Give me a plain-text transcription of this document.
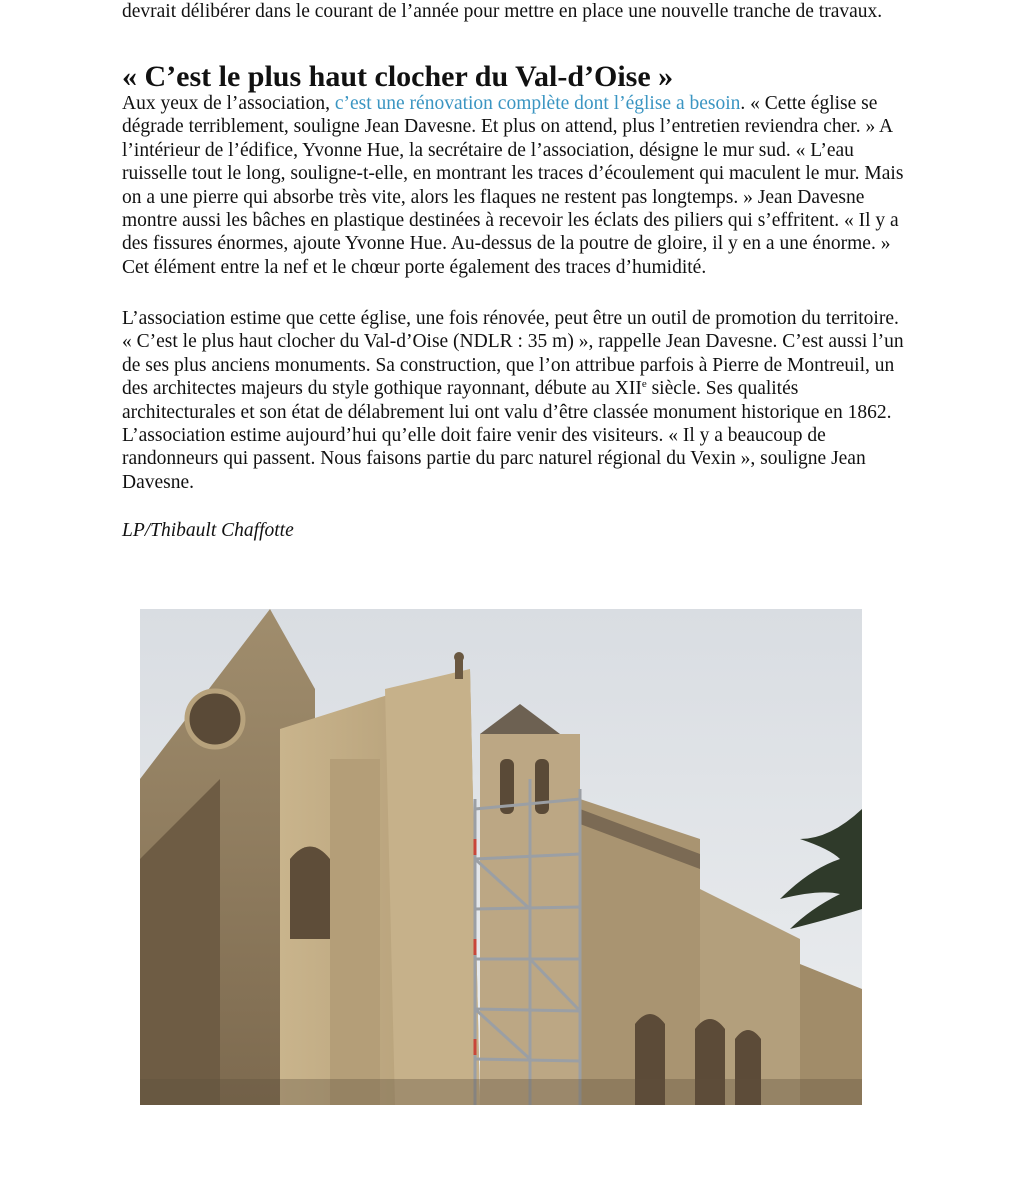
devrait délibérer dans le courant de l’année pour mettre en place une nouvelle tranche de travaux.

« C’est le plus haut clocher du Val-d’Oise »

Aux yeux de l’association, c’est une rénovation complète dont l’église a besoin. « Cette église se dégrade terriblement, souligne Jean Davesne. Et plus on attend, plus l’entretien reviendra cher. » A l’intérieur de l’édifice, Yvonne Hue, la secrétaire de l’association, désigne le mur sud. « L’eau ruisselle tout le long, souligne-t-elle, en montrant les traces d’écoulement qui maculent le mur. Mais on a une pierre qui absorbe très vite, alors les flaques ne restent pas longtemps. » Jean Davesne montre aussi les bâches en plastique destinées à recevoir les éclats des piliers qui s’effritent. « Il y a des fissures énormes, ajoute Yvonne Hue. Au-dessus de la poutre de gloire, il y en a une énorme. » Cet élément entre la nef et le chœur porte également des traces d’humidité.

L’association estime que cette église, une fois rénovée, peut être un outil de promotion du territoire. « C’est le plus haut clocher du Val-d’Oise (NDLR : 35 m) », rappelle Jean Davesne. C’est aussi l’un de ses plus anciens monuments. Sa construction, que l’on attribue parfois à Pierre de Montreuil, un des architectes majeurs du style gothique rayonnant, débute au XIIe siècle. Ses qualités architecturales et son état de délabrement lui ont valu d’être classée monument historique en 1862. L’association estime aujourd’hui qu’elle doit faire venir des visiteurs. « Il y a beaucoup de randonneurs qui passent. Nous faisons partie du parc naturel régional du Vexin », souligne Jean Davesne.

LP/Thibault Chaffotte
